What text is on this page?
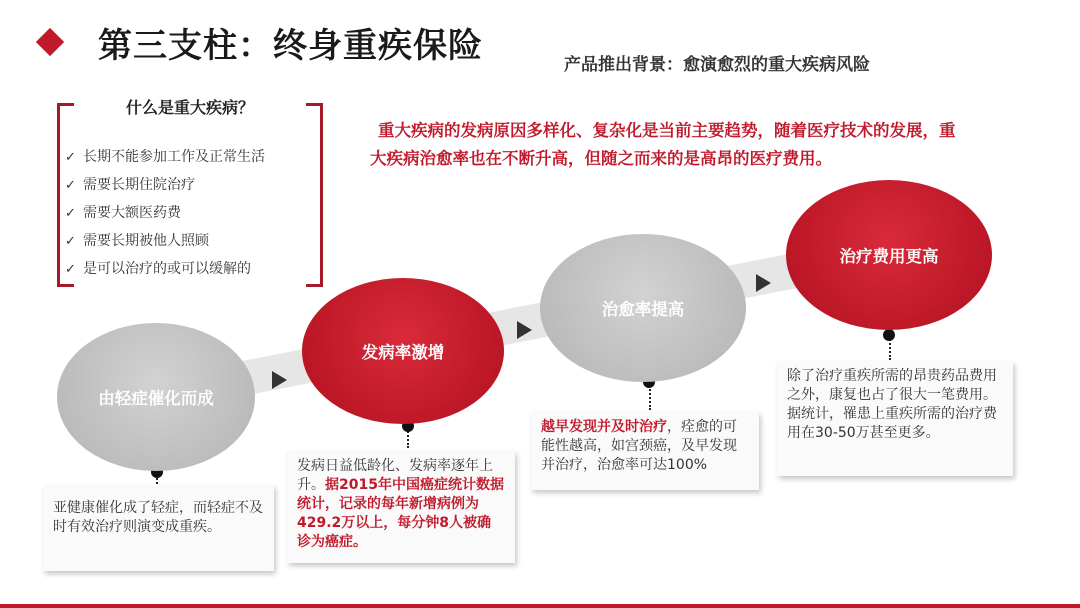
第三支柱：终身重疾保险	产品推出背景：愈演愈烈的重大疾病风险
什么是重大疾病？
✓ 长期不能参加工作及正常生活
✓ 需要长期住院治疗
✓ 需要大额医药费
✓ 需要长期被他人照顾
✓ 是可以治疗的或可以缓解的
重大疾病的发病原因多样化、复杂化是当前主要趋势，随着医疗技术的发展，重
大疾病治愈率也在不断升高，但随之而来的是高昂的医疗费用。
由轻症催化而成
发病率激增
治愈率提高
治疗费用更高
亚健康催化成了轻症，而轻症不及时有效治疗则演变成重疾。
发病日益低龄化、发病率逐年上升。据2015年中国癌症统计数据统计，记录的每年新增病例为429.2万以上，每分钟8人被确诊为癌症。
越早发现并及时治疗，痊愈的可能性越高，如宫颈癌，及早发现并治疗，治愈率可达100%
除了治疗重疾所需的昂贵药品费用之外，康复也占了很大一笔费用。
据统计，罹患上重疾所需的治疗费用在30-50万甚至更多。
